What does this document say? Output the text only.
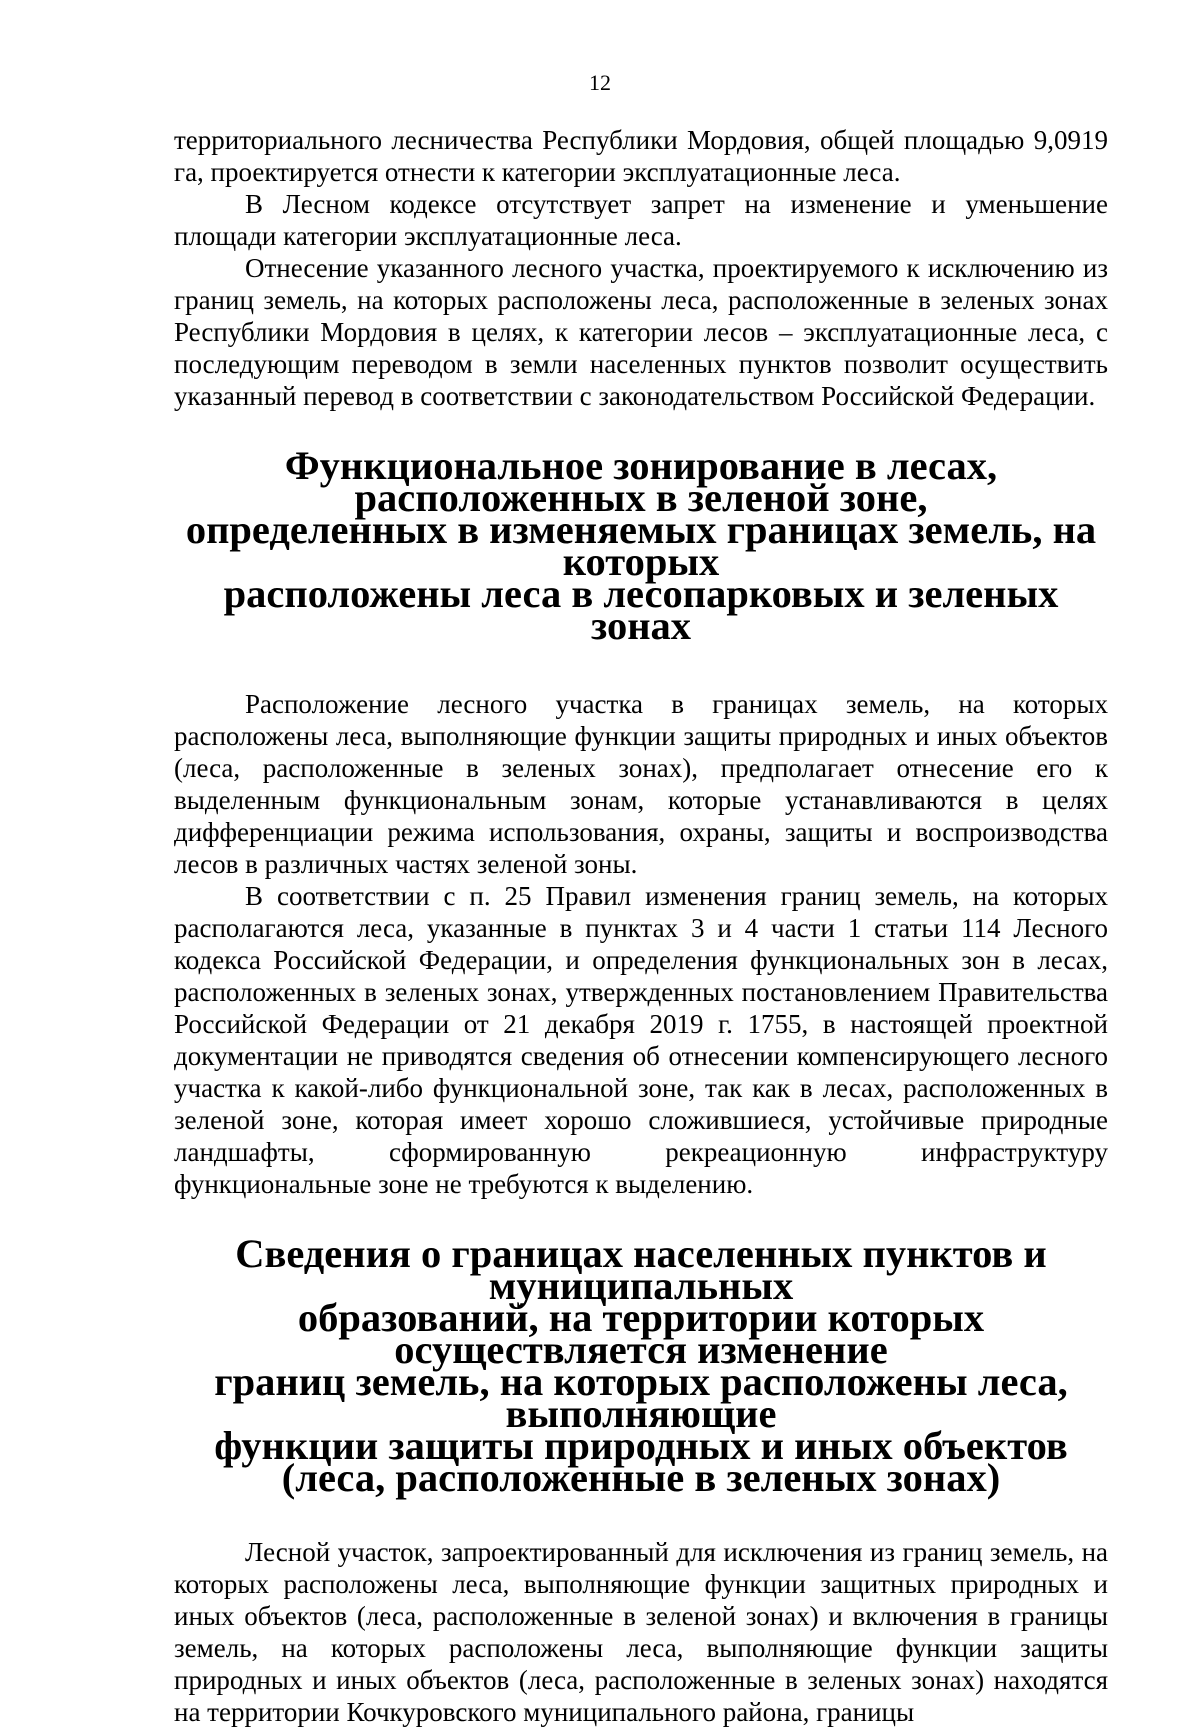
12

территориального лесничества Республики Мордовия, общей площадью 9,0919 га, проектируется отнести к категории эксплуатационные леса.

В Лесном кодексе отсутствует запрет на изменение и уменьшение площади категории эксплуатационные леса.

Отнесение указанного лесного участка, проектируемого к исключению из границ земель, на которых расположены леса, расположенные в зеленых зонах Республики Мордовия в целях, к категории лесов – эксплуатационные леса, с последующим переводом в земли населенных пунктов позволит осуществить указанный перевод в соответствии с законодательством Российской Федерации.

Функциональное зонирование в лесах, расположенных в зеленой зоне,
определенных в изменяемых границах земель, на которых
расположены леса в лесопарковых и зеленых зонах

Расположение лесного участка в границах земель, на которых расположены леса, выполняющие функции защиты природных и иных объектов (леса, расположенные в зеленых зонах), предполагает отнесение его к выделенным функциональным зонам, которые устанавливаются в целях дифференциации режима использования, охраны, защиты и воспроизводства лесов в различных частях зеленой зоны.

В соответствии с п. 25 Правил изменения границ земель, на которых располагаются леса, указанные в пунктах 3 и 4 части 1 статьи 114 Лесного кодекса Российской Федерации, и определения функциональных зон в лесах, расположенных в зеленых зонах, утвержденных постановлением Правительства Российской Федерации от 21 декабря 2019 г. 1755, в настоящей проектной документации не приводятся сведения об отнесении компенсирующего лесного участка к какой-либо функциональной зоне, так как в лесах, расположенных в зеленой зоне, которая имеет хорошо сложившиеся, устойчивые природные ландшафты, сформированную рекреационную инфраструктуру функциональные зоне не требуются к выделению.

Сведения о границах населенных пунктов и муниципальных
образований, на территории которых осуществляется изменение
границ земель, на которых расположены леса, выполняющие
функции защиты природных и иных объектов
(леса, расположенные в зеленых зонах)

Лесной участок, запроектированный для исключения из границ земель, на которых расположены леса, выполняющие функции защитных природных и иных объектов (леса, расположенные в зеленой зонах) и включения в границы земель, на которых расположены леса, выполняющие функции защиты природных и иных объектов (леса, расположенные в зеленых зонах) находятся на территории Кочкуровского муниципального района, границы
